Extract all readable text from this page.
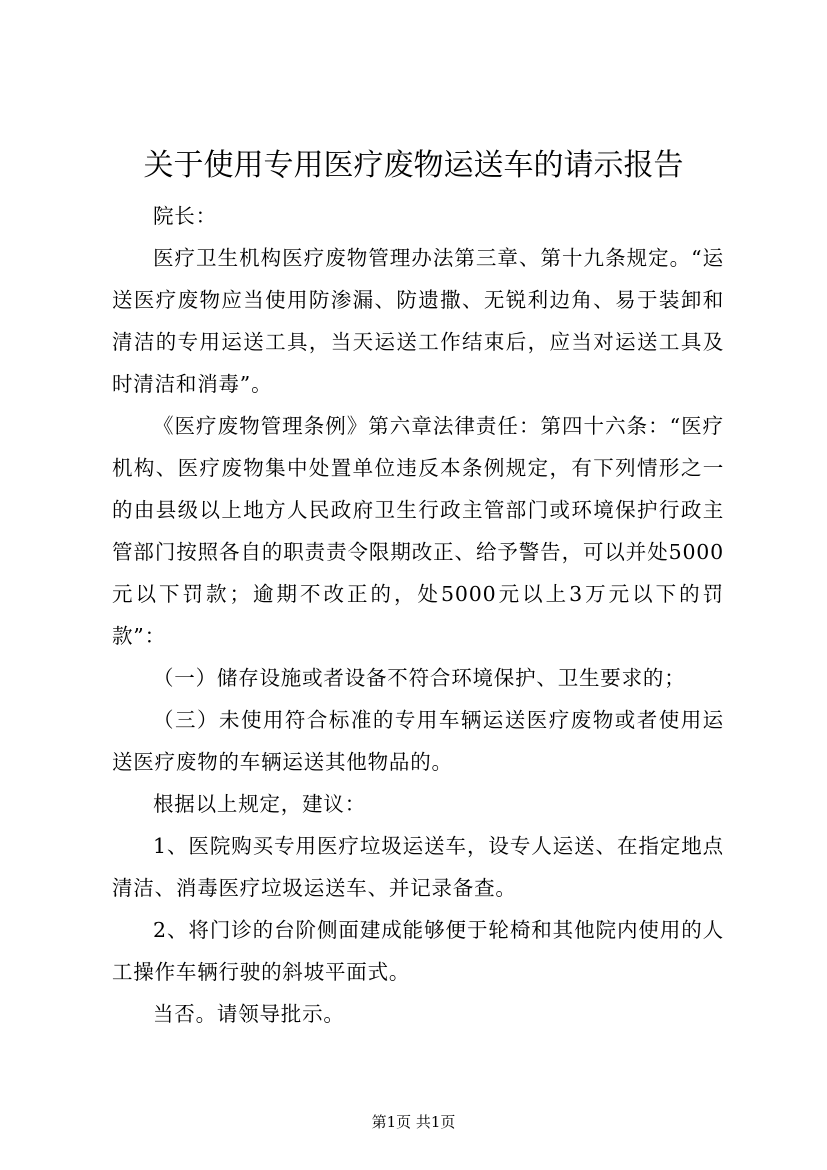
关于使用专用医疗废物运送车的请示报告

院长：

医疗卫生机构医疗废物管理办法第三章、第十九条规定。“运送医疗废物应当使用防渗漏、防遗撒、无锐利边角、易于装卸和清洁的专用运送工具，当天运送工作结束后，应当对运送工具及时清洁和消毒”。

《医疗废物管理条例》第六章法律责任：第四十六条：“医疗机构、医疗废物集中处置单位违反本条例规定，有下列情形之一的由县级以上地方人民政府卫生行政主管部门或环境保护行政主管部门按照各自的职责责令限期改正、给予警告，可以并处5000元以下罚款；逾期不改正的，处5000元以上3万元以下的罚款”：

（一）储存设施或者设备不符合环境保护、卫生要求的；

（三）未使用符合标准的专用车辆运送医疗废物或者使用运送医疗废物的车辆运送其他物品的。

根据以上规定，建议：

1、医院购买专用医疗垃圾运送车，设专人运送、在指定地点清洁、消毒医疗垃圾运送车、并记录备查。

2、将门诊的台阶侧面建成能够便于轮椅和其他院内使用的人工操作车辆行驶的斜坡平面式。

当否。请领导批示。

第1页 共1页
